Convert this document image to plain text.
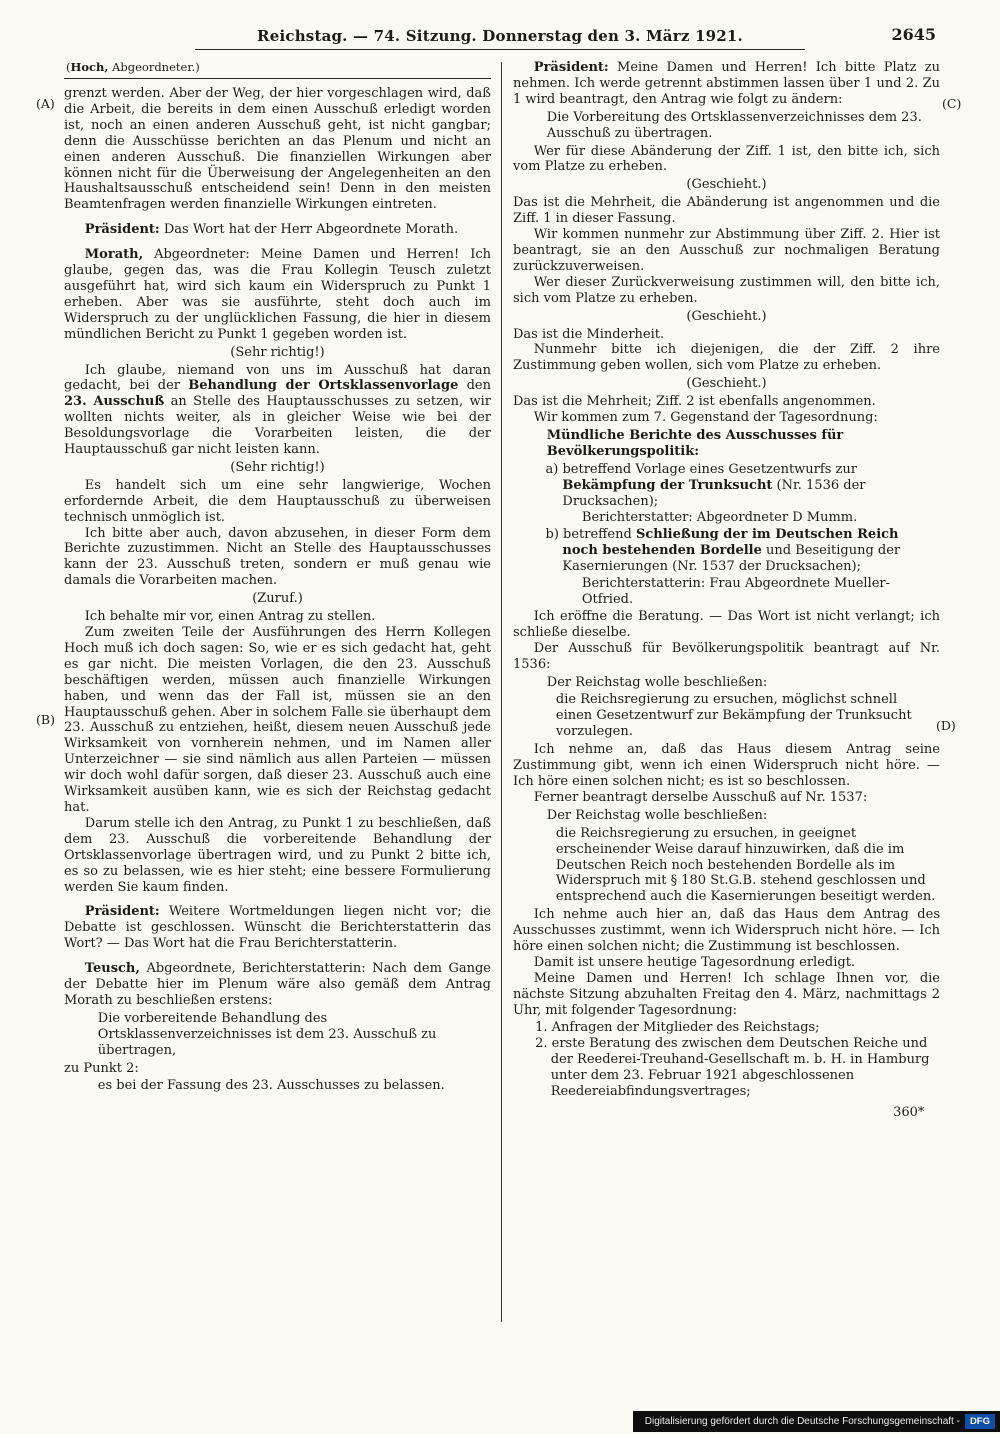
Reichstag. — 74. Sitzung. Donnerstag den 3. März 1921.	2645

(Hoch, Abgeordneter.)

grenzt werden. Aber der Weg, der hier vorgeschlagen wird, daß die Arbeit, die bereits in dem einen Ausschuß erledigt worden ist, noch an einen anderen Ausschuß geht, ist nicht gangbar; denn die Ausschüsse berichten an das Plenum und nicht an einen anderen Ausschuß. Die finanziellen Wirkungen aber können nicht für die Überweisung der Angelegenheiten an den Haushaltsausschuß entscheidend sein! Denn in den meisten Beamtenfragen werden finanzielle Wirkungen eintreten.

Präsident: Das Wort hat der Herr Abgeordnete Morath.

Morath, Abgeordneter: Meine Damen und Herren! Ich glaube, gegen das, was die Frau Kollegin Teusch zuletzt ausgeführt hat, wird sich kaum ein Widerspruch zu Punkt 1 erheben. Aber was sie ausführte, steht doch auch im Widerspruch zu der unglücklichen Fassung, die hier in diesem mündlichen Bericht zu Punkt 1 gegeben worden ist.

(Sehr richtig!)

Ich glaube, niemand von uns im Ausschuß hat daran gedacht, bei der Behandlung der Ortsklassenvorlage den 23. Ausschuß an Stelle des Hauptausschusses zu setzen, wir wollten nichts weiter, als in gleicher Weise wie bei der Besoldungsvorlage die Vorarbeiten leisten, die der Hauptausschuß gar nicht leisten kann.

(Sehr richtig!)

Es handelt sich um eine sehr langwierige, Wochen erfordernde Arbeit, die dem Hauptausschuß zu überweisen technisch unmöglich ist.

Ich bitte aber auch, davon abzusehen, in dieser Form dem Berichte zuzustimmen. Nicht an Stelle des Hauptausschusses kann der 23. Ausschuß treten, sondern er muß genau wie damals die Vorarbeiten machen.

(Zuruf.)

Ich behalte mir vor, einen Antrag zu stellen.

Zum zweiten Teile der Ausführungen des Herrn Kollegen Hoch muß ich doch sagen: So, wie er es sich gedacht hat, geht es gar nicht. Die meisten Vorlagen, die den 23. Ausschuß beschäftigen werden, müssen auch finanzielle Wirkungen haben, und wenn das der Fall ist, müssen sie an den Hauptausschuß gehen. Aber in solchem Falle sie überhaupt dem 23. Ausschuß zu entziehen, heißt, diesem neuen Ausschuß jede Wirksamkeit von vornherein nehmen, und im Namen aller Unterzeichner — sie sind nämlich aus allen Parteien — müssen wir doch wohl dafür sorgen, daß dieser 23. Ausschuß auch eine Wirksamkeit ausüben kann, wie es sich der Reichstag gedacht hat.

Darum stelle ich den Antrag, zu Punkt 1 zu beschließen, daß dem 23. Ausschuß die vorbereitende Behandlung der Ortsklassenvorlage übertragen wird, und zu Punkt 2 bitte ich, es so zu belassen, wie es hier steht; eine bessere Formulierung werden Sie kaum finden.

Präsident: Weitere Wortmeldungen liegen nicht vor; die Debatte ist geschlossen. Wünscht die Berichterstatterin das Wort? — Das Wort hat die Frau Berichterstatterin.

Teusch, Abgeordnete, Berichterstatterin: Nach dem Gange der Debatte hier im Plenum wäre also gemäß dem Antrag Morath zu beschließen erstens:

Die vorbereitende Behandlung des Ortsklassenverzeichnisses ist dem 23. Ausschuß zu übertragen,

zu Punkt 2:

es bei der Fassung des 23. Ausschusses zu belassen.

Präsident: Meine Damen und Herren! Ich bitte Platz zu nehmen. Ich werde getrennt abstimmen lassen über 1 und 2. Zu 1 wird beantragt, den Antrag wie folgt zu ändern:

Die Vorbereitung des Ortsklassenverzeichnisses dem 23. Ausschuß zu übertragen.

Wer für diese Abänderung der Ziff. 1 ist, den bitte ich, sich vom Platze zu erheben.

(Geschieht.)

Das ist die Mehrheit, die Abänderung ist angenommen und die Ziff. 1 in dieser Fassung.

Wir kommen nunmehr zur Abstimmung über Ziff. 2. Hier ist beantragt, sie an den Ausschuß zur nochmaligen Beratung zurückzuverweisen.

Wer dieser Zurückverweisung zustimmen will, den bitte ich, sich vom Platze zu erheben.

(Geschieht.)

Das ist die Minderheit.

Nunmehr bitte ich diejenigen, die der Ziff. 2 ihre Zustimmung geben wollen, sich vom Platze zu erheben.

(Geschieht.)

Das ist die Mehrheit; Ziff. 2 ist ebenfalls angenommen.

Wir kommen zum 7. Gegenstand der Tagesordnung:

Mündliche Berichte des Ausschusses für Bevölkerungspolitik:

a) betreffend Vorlage eines Gesetzentwurfs zur Bekämpfung der Trunksucht (Nr. 1536 der Drucksachen);

Berichterstatter: Abgeordneter D Mumm.

b) betreffend Schließung der im Deutschen Reich noch bestehenden Bordelle und Beseitigung der Kasernierungen (Nr. 1537 der Drucksachen);

Berichterstatterin: Frau Abgeordnete Mueller-Otfried.

Ich eröffne die Beratung. — Das Wort ist nicht verlangt; ich schließe dieselbe.

Der Ausschuß für Bevölkerungspolitik beantragt auf Nr. 1536:

Der Reichstag wolle beschließen:

die Reichsregierung zu ersuchen, möglichst schnell einen Gesetzentwurf zur Bekämpfung der Trunksucht vorzulegen.

Ich nehme an, daß das Haus diesem Antrag seine Zustimmung gibt, wenn ich einen Widerspruch nicht höre. — Ich höre einen solchen nicht; es ist so beschlossen.

Ferner beantragt derselbe Ausschuß auf Nr. 1537:

Der Reichstag wolle beschließen:

die Reichsregierung zu ersuchen, in geeignet erscheinender Weise darauf hinzuwirken, daß die im Deutschen Reich noch bestehenden Bordelle als im Widerspruch mit § 180 St.G.B. stehend geschlossen und entsprechend auch die Kasernierungen beseitigt werden.

Ich nehme auch hier an, daß das Haus dem Antrag des Ausschusses zustimmt, wenn ich Widerspruch nicht höre. — Ich höre einen solchen nicht; die Zustimmung ist beschlossen.

Damit ist unsere heutige Tagesordnung erledigt.

Meine Damen und Herren! Ich schlage Ihnen vor, die nächste Sitzung abzuhalten Freitag den 4. März, nachmittags 2 Uhr, mit folgender Tagesordnung:

1. Anfragen der Mitglieder des Reichstags;

2. erste Beratung des zwischen dem Deutschen Reiche und der Reederei-Treuhand-Gesellschaft m. b. H. in Hamburg unter dem 23. Februar 1921 abgeschlossenen Reedereiabfindungsvertrages;

360*

(A)
(B)
(C)
(D)
Digitalisierung gefördert durch die Deutsche Forschungsgemeinschaft -	DFG
